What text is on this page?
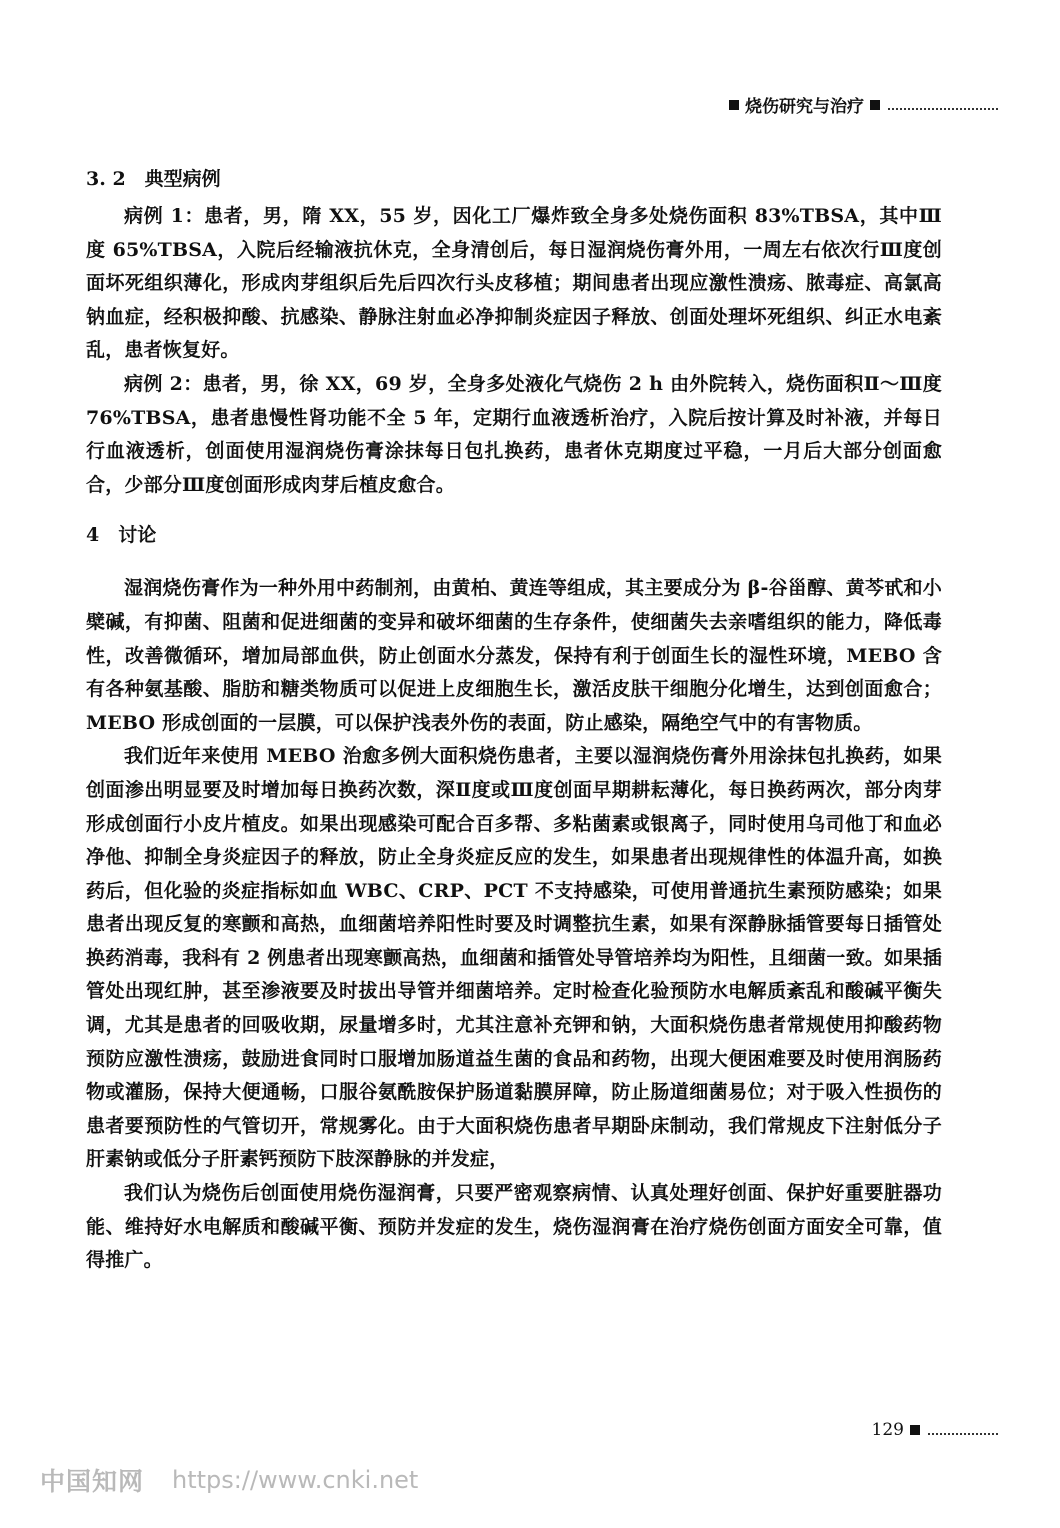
烧伤研究与治疗
3. 2　典型病例

病例 1：患者，男，隋 XX，55 岁，因化工厂爆炸致全身多处烧伤面积 83%TBSA，其中Ⅲ度 65%TBSA，入院后经输液抗休克，全身清创后，每日湿润烧伤膏外用，一周左右依次行Ⅲ度创面坏死组织薄化，形成肉芽组织后先后四次行头皮移植；期间患者出现应激性溃疡、脓毒症、高氯高钠血症，经积极抑酸、抗感染、静脉注射血必净抑制炎症因子释放、创面处理坏死组织、纠正水电紊乱，患者恢复好。

病例 2：患者，男，徐 XX，69 岁，全身多处液化气烧伤 2 h 由外院转入，烧伤面积Ⅱ～Ⅲ度 76%TBSA，患者患慢性肾功能不全 5 年，定期行血液透析治疗，入院后按计算及时补液，并每日行血液透析，创面使用湿润烧伤膏涂抹每日包扎换药，患者休克期度过平稳，一月后大部分创面愈合，少部分Ⅲ度创面形成肉芽后植皮愈合。

4　讨论

湿润烧伤膏作为一种外用中药制剂，由黄柏、黄连等组成，其主要成分为 β-谷甾醇、黄芩甙和小檗碱，有抑菌、阻菌和促进细菌的变异和破坏细菌的生存条件，使细菌失去亲嗜组织的能力，降低毒性，改善微循环，增加局部血供，防止创面水分蒸发，保持有利于创面生长的湿性环境，MEBO 含有各种氨基酸、脂肪和糖类物质可以促进上皮细胞生长，激活皮肤干细胞分化增生，达到创面愈合；MEBO 形成创面的一层膜，可以保护浅表外伤的表面，防止感染，隔绝空气中的有害物质。

我们近年来使用 MEBO 治愈多例大面积烧伤患者，主要以湿润烧伤膏外用涂抹包扎换药，如果创面渗出明显要及时增加每日换药次数，深Ⅱ度或Ⅲ度创面早期耕耘薄化，每日换药两次，部分肉芽形成创面行小皮片植皮。如果出现感染可配合百多帮、多粘菌素或银离子，同时使用乌司他丁和血必净他、抑制全身炎症因子的释放，防止全身炎症反应的发生，如果患者出现规律性的体温升高，如换药后，但化验的炎症指标如血 WBC、CRP、PCT 不支持感染，可使用普通抗生素预防感染；如果患者出现反复的寒颤和高热，血细菌培养阳性时要及时调整抗生素，如果有深静脉插管要每日插管处换药消毒，我科有 2 例患者出现寒颤高热，血细菌和插管处导管培养均为阳性，且细菌一致。如果插管处出现红肿，甚至渗液要及时拔出导管并细菌培养。定时检查化验预防水电解质紊乱和酸碱平衡失调，尤其是患者的回吸收期，尿量增多时，尤其注意补充钾和钠，大面积烧伤患者常规使用抑酸药物预防应激性溃疡，鼓励进食同时口服增加肠道益生菌的食品和药物，出现大便困难要及时使用润肠药物或灌肠，保持大便通畅，口服谷氨酰胺保护肠道黏膜屏障，防止肠道细菌易位；对于吸入性损伤的患者要预防性的气管切开，常规雾化。由于大面积烧伤患者早期卧床制动，我们常规皮下注射低分子肝素钠或低分子肝素钙预防下肢深静脉的并发症，

我们认为烧伤后创面使用烧伤湿润膏，只要严密观察病情、认真处理好创面、保护好重要脏器功能、维持好水电解质和酸碱平衡、预防并发症的发生，烧伤湿润膏在治疗烧伤创面方面安全可靠，值得推广。

129
中国知网 https://www.cnki.net
